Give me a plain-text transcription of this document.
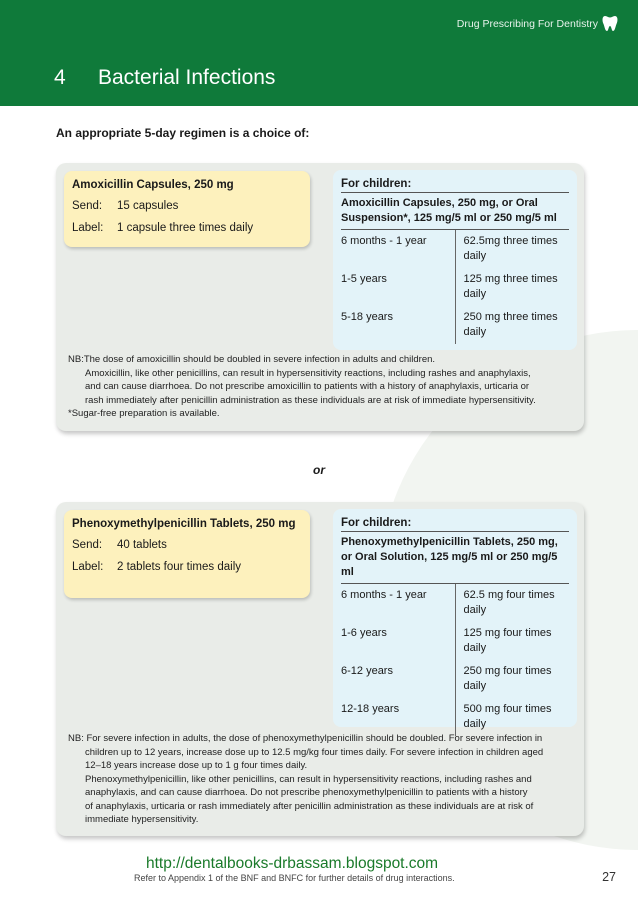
Drug Prescribing For Dentistry
4 Bacterial Infections
An appropriate 5-day regimen is a choice of:
Amoxicillin Capsules, 250 mg
Send:	15 capsules
Label:	1 capsule three times daily
For children:
Amoxicillin Capsules, 250 mg, or Oral Suspension*, 125 mg/5 ml or 250 mg/5 ml
6 months - 1 year	62.5mg three times daily
1-5 years	125 mg three times daily
5-18 years	250 mg three times daily
NB:The dose of amoxicillin should be doubled in severe infection in adults and children.
Amoxicillin, like other penicillins, can result in hypersensitivity reactions, including rashes and anaphylaxis,
and can cause diarrhoea. Do not prescribe amoxicillin to patients with a history of anaphylaxis, urticaria or
rash immediately after penicillin administration as these individuals are at risk of immediate hypersensitivity.
*Sugar-free preparation is available.
or
Phenoxymethylpenicillin Tablets, 250 mg
Send:	40 tablets
Label:	2 tablets four times daily
For children:
Phenoxymethylpenicillin Tablets, 250 mg, or Oral Solution, 125 mg/5 ml or 250 mg/5 ml
6 months - 1 year	62.5 mg four times daily
1-6 years	125 mg four times daily
6-12 years	250 mg four times daily
12-18 years	500 mg four times daily
NB: For severe infection in adults, the dose of phenoxymethylpenicillin should be doubled. For severe infection in
children up to 12 years, increase dose up to 12.5 mg/kg four times daily. For severe infection in children aged
12–18 years increase dose up to 1 g four times daily.
Phenoxymethylpenicillin, like other penicillins, can result in hypersensitivity reactions, including rashes and
anaphylaxis, and can cause diarrhoea. Do not prescribe phenoxymethylpenicillin to patients with a history
of anaphylaxis, urticaria or rash immediately after penicillin administration as these individuals are at risk of
immediate hypersensitivity.
http://dentalbooks-drbassam.blogspot.com
Refer to Appendix 1 of the BNF and BNFC for further details of drug interactions.	27
